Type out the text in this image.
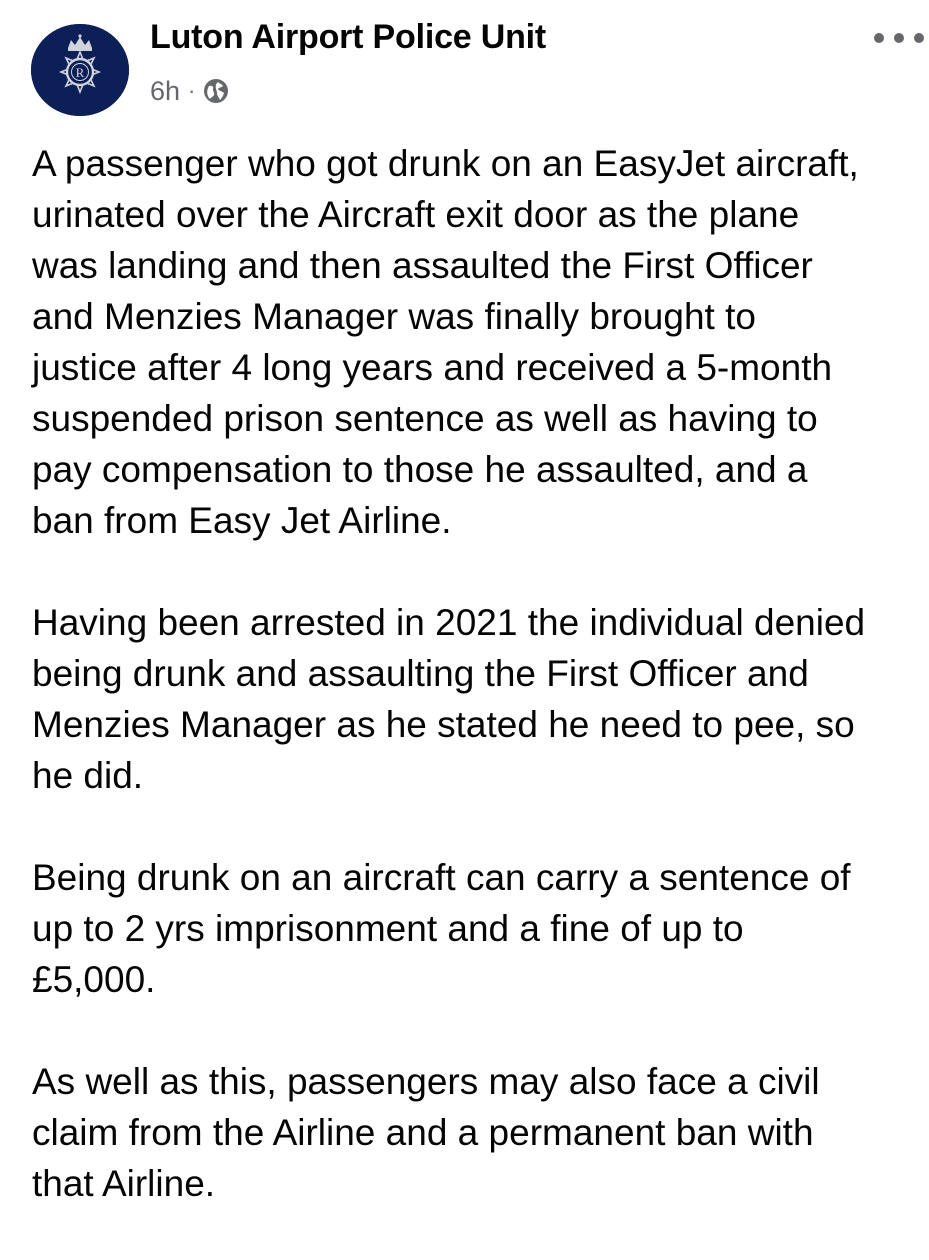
R
Luton Airport Police Unit
6h ·

A passenger who got drunk on an EasyJet aircraft,
urinated over the Aircraft exit door as the plane
was landing and then assaulted the First Officer
and Menzies Manager was finally brought to
justice after 4 long years and received a 5-month
suspended prison sentence as well as having to
pay compensation to those he assaulted, and a
ban from Easy Jet Airline.

Having been arrested in 2021 the individual denied
being drunk and assaulting the First Officer and
Menzies Manager as he stated he need to pee, so
he did.

Being drunk on an aircraft can carry a sentence of
up to 2 yrs imprisonment and a fine of up to
£5,000.

As well as this, passengers may also face a civil
claim from the Airline and a permanent ban with
that Airline.
